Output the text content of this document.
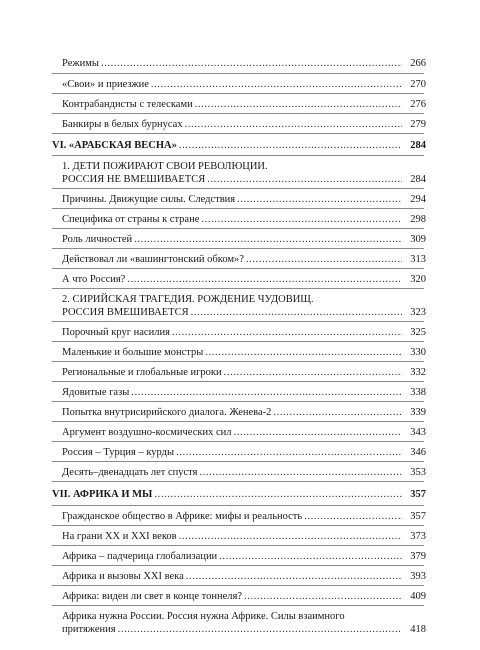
Режимы .....	266
«Свои» и приезжие .....	270
Контрабандисты с телесками .....	276
Банкиры в белых бурнусах .....	279
VI. «АРАБСКАЯ ВЕСНА» .....	284
1. ДЕТИ ПОЖИРАЮТ СВОИ РЕВОЛЮЦИИ.
РОССИЯ НЕ ВМЕШИВАЕТСЯ .....	284
Причины. Движущие силы. Следствия .....	294
Специфика от страны к стране .....	298
Роль личностей .....	309
Действовал ли «вашингтонский обком»? .....	313
А что Россия? .....	320
2. СИРИЙСКАЯ ТРАГЕДИЯ. РОЖДЕНИЕ ЧУДОВИЩ.
РОССИЯ ВМЕШИВАЕТСЯ .....	323
Порочный круг насилия .....	325
Маленькие и большие монстры .....	330
Региональные и глобальные игроки .....	332
Ядовитые газы .....	338
Попытка внутрисирийского диалога. Женева-2 .....	339
Аргумент воздушно-космических сил .....	343
Россия – Турция – курды .....	346
Десять–двенадцать лет спустя .....	353
VII. АФРИКА И МЫ .....	357
Гражданское общество в Африке: мифы и реальность .....	357
На грани XX и XXI веков .....	373
Африка – падчерица глобализации .....	379
Африка и вызовы XXI века .....	393
Африка: виден ли свет в конце тоннеля? .....	409
Африка нужна России. Россия нужна Африке. Силы взаимного
притяжения .....	418
